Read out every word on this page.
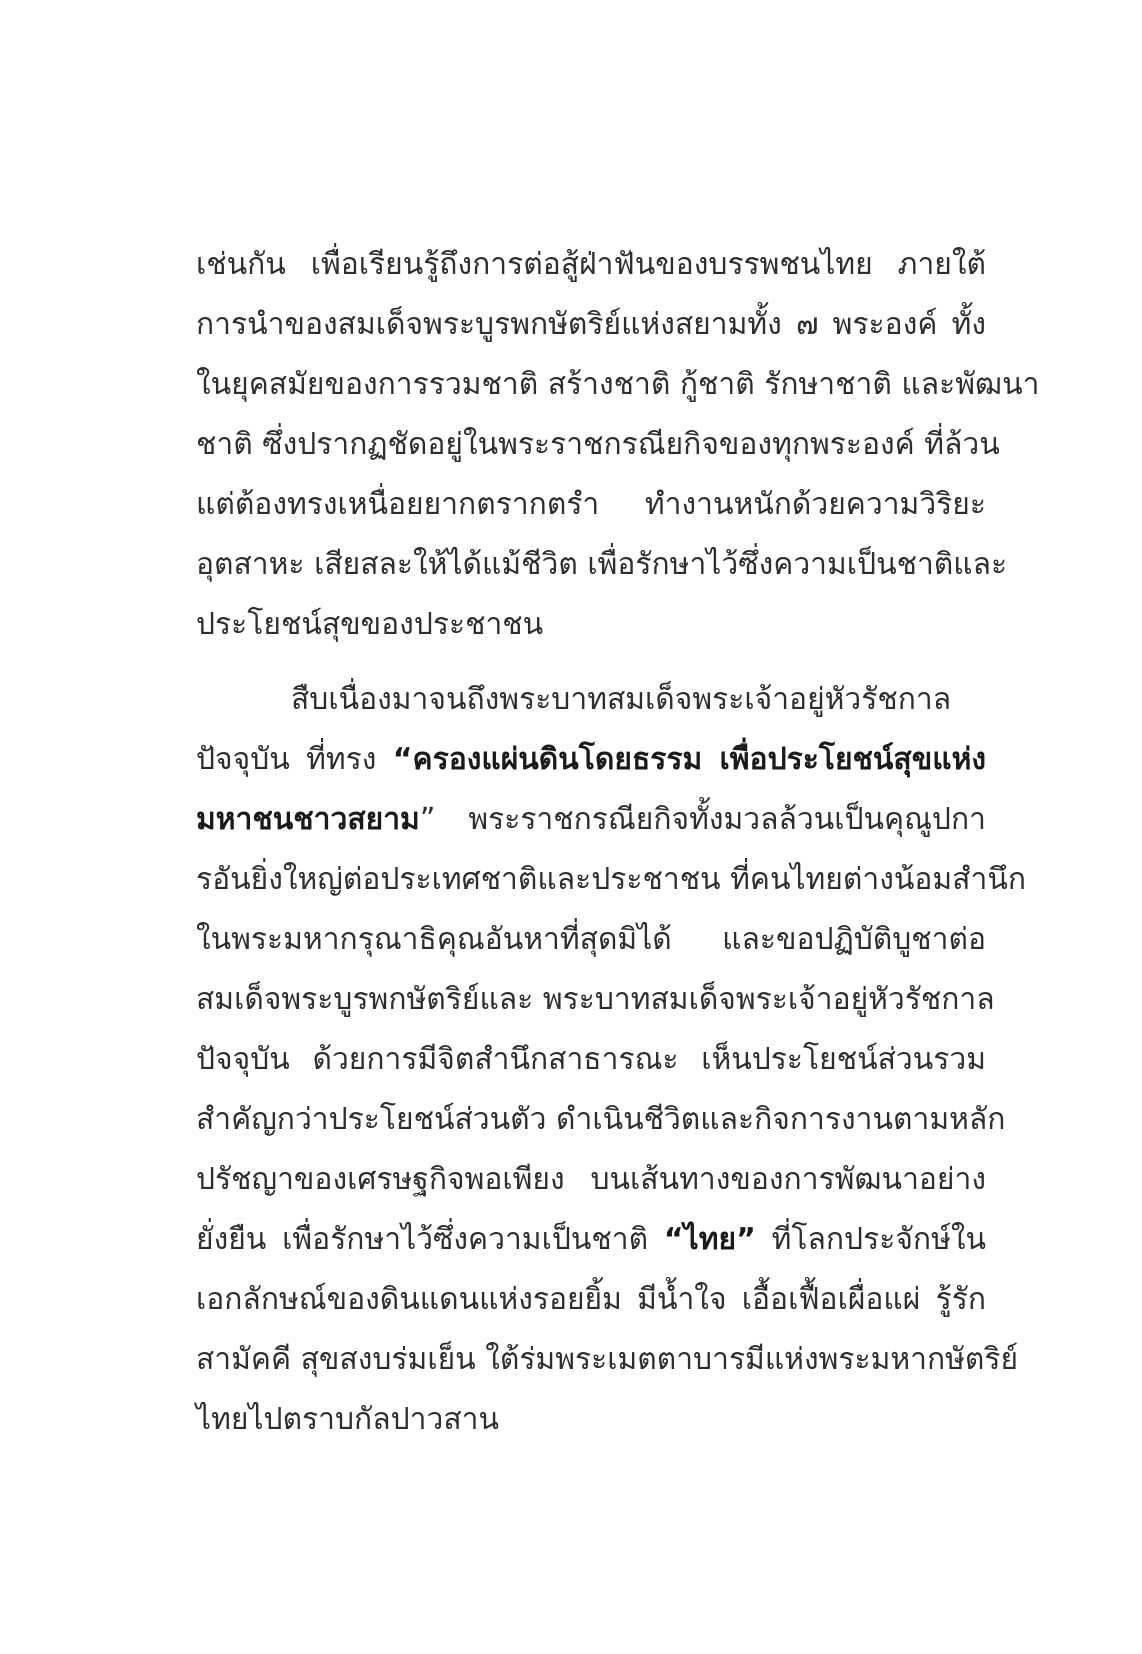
เช่นกัน เพื่อเรียนรู้ถึงการต่อสู้ฝ่าฟันของบรรพชนไทย ภายใต้
การนำของสมเด็จพระบูรพกษัตริย์แห่งสยามทั้ง ๗ พระองค์ ทั้ง
ในยุคสมัยของการรวมชาติ สร้างชาติ กู้ชาติ รักษาชาติ และพัฒนา
ชาติ ซึ่งปรากฏชัดอยู่ในพระราชกรณียกิจของทุกพระองค์ ที่ล้วน
แต่ต้องทรงเหนื่อยยากตรากตรำ ทำงานหนักด้วยความวิริยะ
อุตสาหะ เสียสละให้ได้แม้ชีวิต เพื่อรักษาไว้ซึ่งความเป็นชาติและ
ประโยชน์สุขของประชาชน
สืบเนื่องมาจนถึงพระบาทสมเด็จพระเจ้าอยู่หัวรัชกาล
ปัจจุบัน ที่ทรง “ครองแผ่นดินโดยธรรม เพื่อประโยชน์สุขแห่ง
มหาชนชาวสยาม” พระราชกรณียกิจทั้งมวลล้วนเป็นคุณูปกา
รอันยิ่งใหญ่ต่อประเทศชาติและประชาชน ที่คนไทยต่างน้อมสำนึก
ในพระมหากรุณาธิคุณอันหาที่สุดมิได้ และขอปฏิบัติบูชาต่อ
สมเด็จพระบูรพกษัตริย์และ พระบาทสมเด็จพระเจ้าอยู่หัวรัชกาล
ปัจจุบัน ด้วยการมีจิตสำนึกสาธารณะ เห็นประโยชน์ส่วนรวม
สำคัญกว่าประโยชน์ส่วนตัว ดำเนินชีวิตและกิจการงานตามหลัก
ปรัชญาของเศรษฐกิจพอเพียง บนเส้นทางของการพัฒนาอย่าง
ยั่งยืน เพื่อรักษาไว้ซึ่งความเป็นชาติ “ไทย” ที่โลกประจักษ์ใน
เอกลักษณ์ของดินแดนแห่งรอยยิ้ม มีน้ำใจ เอื้อเฟื้อเผื่อแผ่ รู้รัก
สามัคคี สุขสงบร่มเย็น ใต้ร่มพระเมตตาบารมีแห่งพระมหากษัตริย์
ไทยไปตราบกัลปาวสาน
